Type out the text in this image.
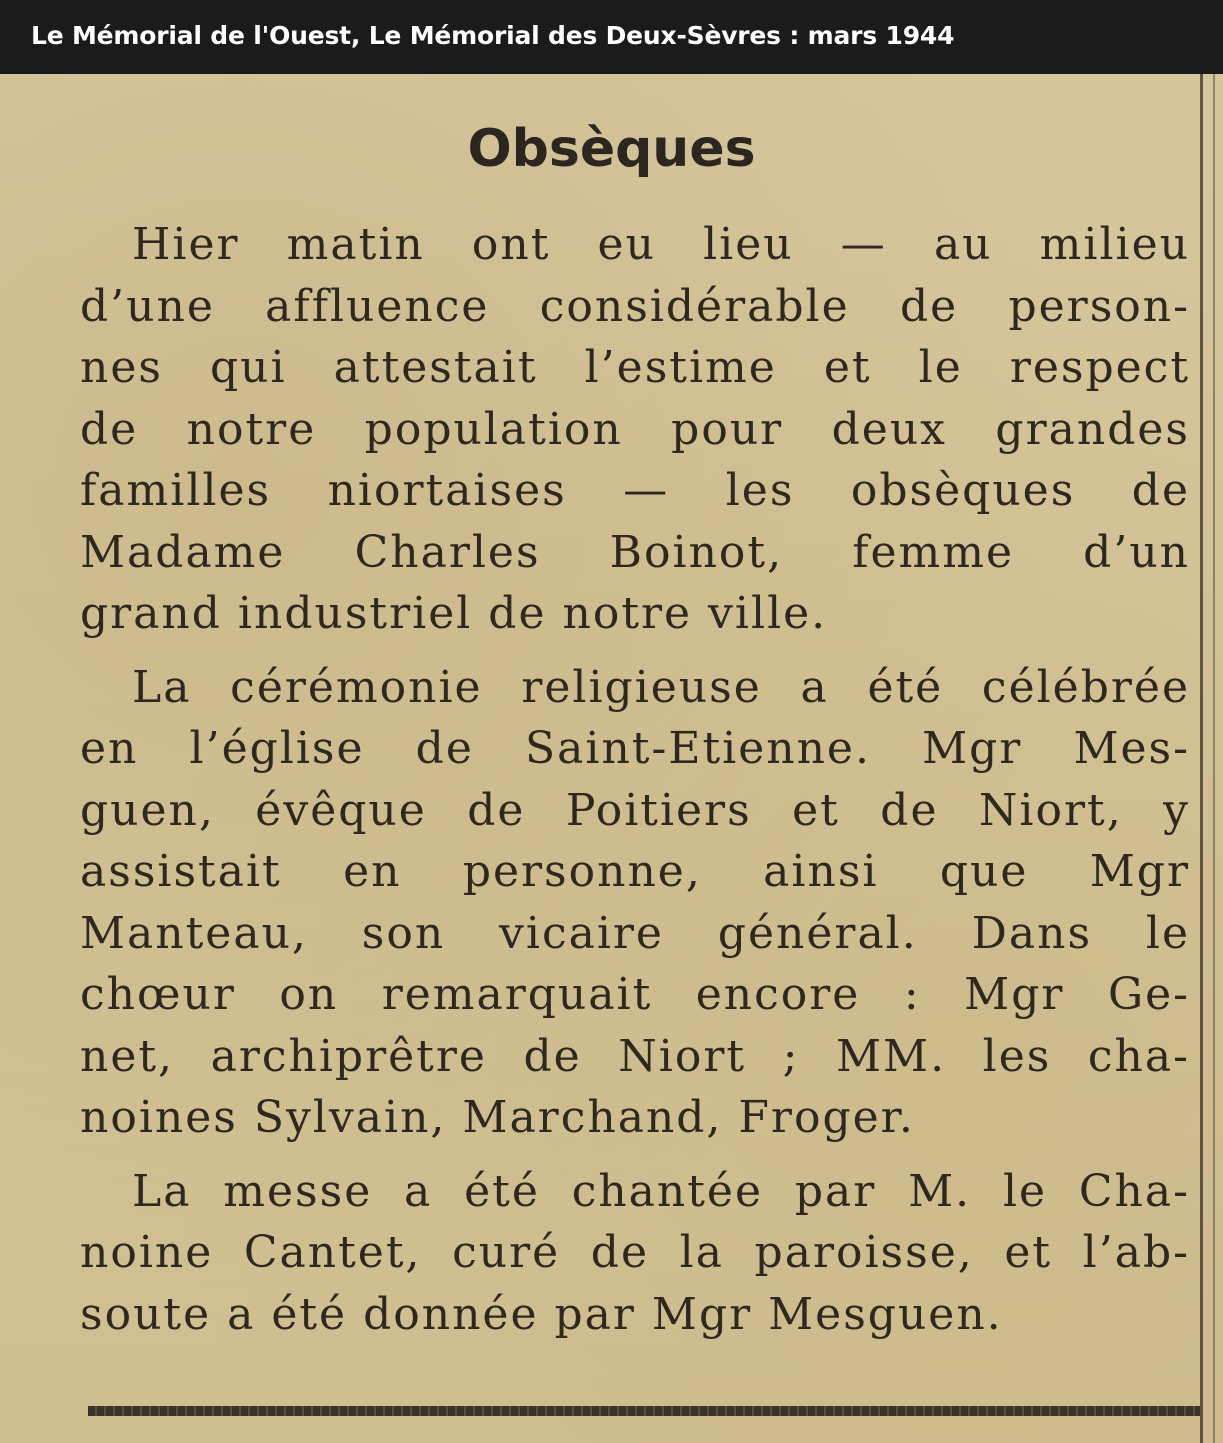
Le Mémorial de l'Ouest, Le Mémorial des Deux-Sèvres : mars 1944
Obsèques
Hier matin ont eu lieu — au milieu
d’une affluence considérable de person-
nes qui attestait l’estime et le respect
de notre population pour deux grandes
familles niortaises — les obsèques de
Madame Charles Boinot, femme d’un
grand industriel de notre ville.
La cérémonie religieuse a été célébrée
en l’église de Saint-Etienne. Mgr Mes-
guen, évêque de Poitiers et de Niort, y
assistait en personne, ainsi que Mgr
Manteau, son vicaire général. Dans le
chœur on remarquait encore : Mgr Ge-
net, archiprêtre de Niort ; MM. les cha-
noines Sylvain, Marchand, Froger.
La messe a été chantée par M. le Cha-
noine Cantet, curé de la paroisse, et l’ab-
soute a été donnée par Mgr Mesguen.
